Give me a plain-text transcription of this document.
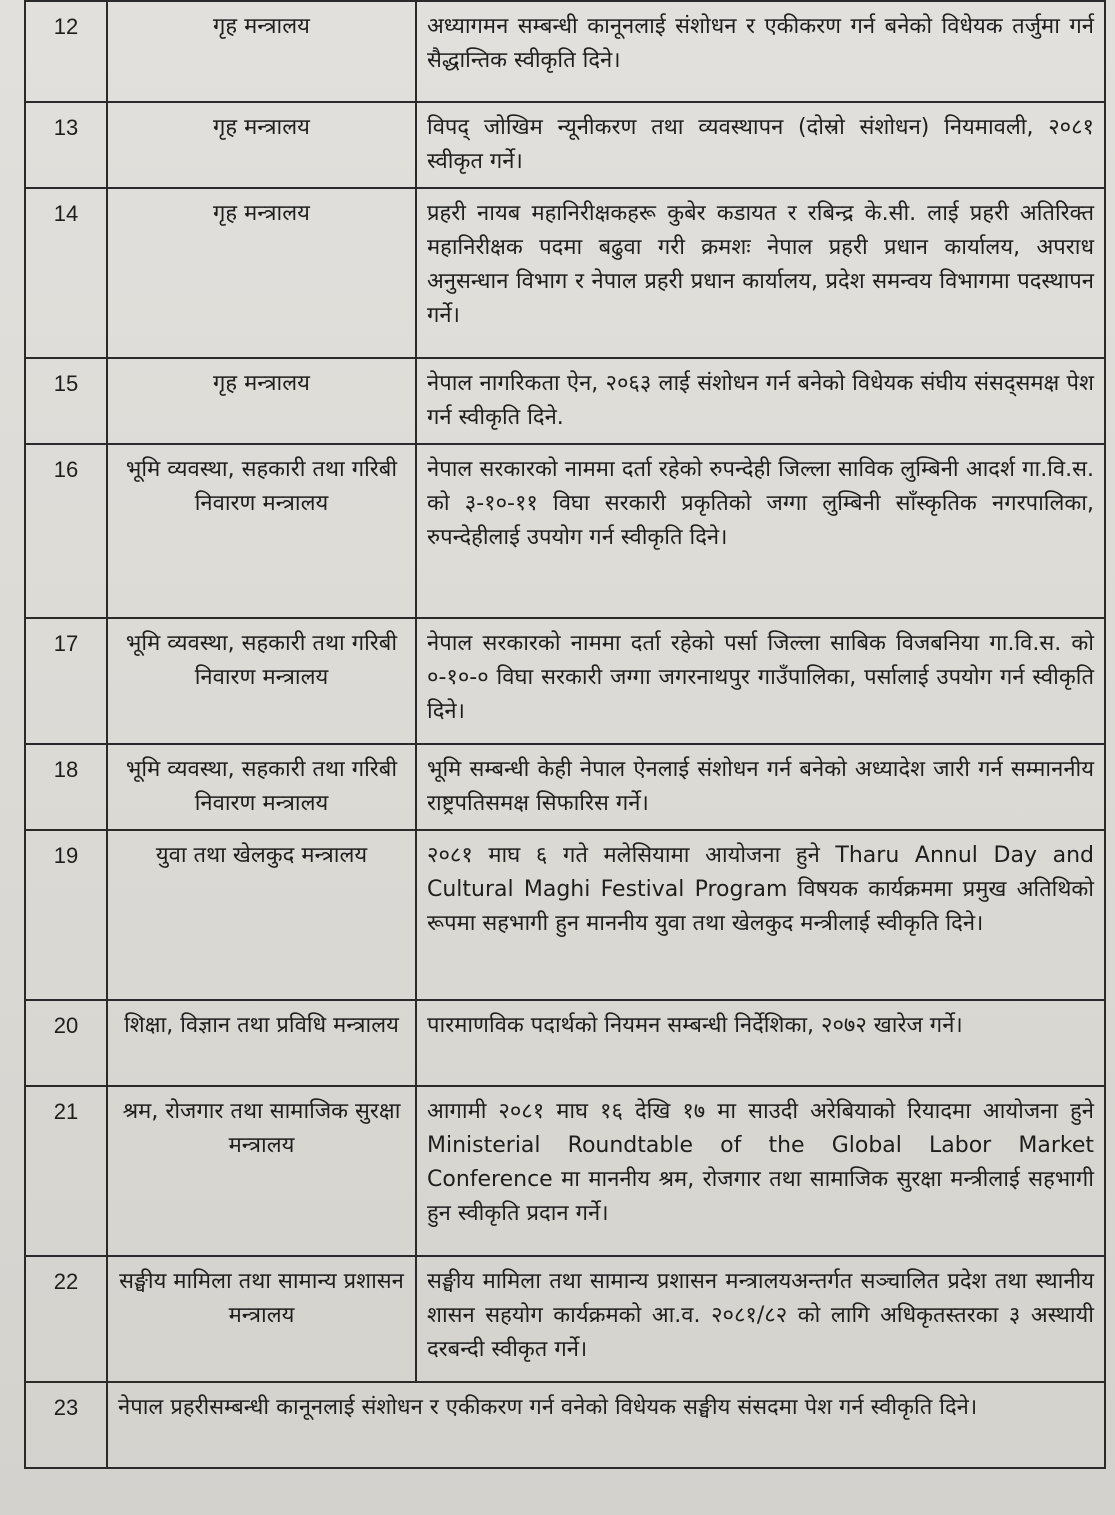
12	गृह मन्त्रालय	अध्यागमन सम्बन्धी कानूनलाई संशोधन र एकीकरण गर्न बनेको विधेयक तर्जुमा गर्न सैद्धान्तिक स्वीकृति दिने।
13	गृह मन्त्रालय	विपद् जोखिम न्यूनीकरण तथा व्यवस्थापन (दोस्रो संशोधन) नियमावली, २०८१ स्वीकृत गर्ने।
14	गृह मन्त्रालय	प्रहरी नायब महानिरीक्षकहरू कुबेर कडायत र रबिन्द्र के.सी. लाई प्रहरी अतिरिक्त महानिरीक्षक पदमा बढुवा गरी क्रमशः नेपाल प्रहरी प्रधान कार्यालय, अपराध अनुसन्धान विभाग र नेपाल प्रहरी प्रधान कार्यालय, प्रदेश समन्वय विभागमा पदस्थापन गर्ने।
15	गृह मन्त्रालय	नेपाल नागरिकता ऐन, २०६३ लाई संशोधन गर्न बनेको विधेयक संघीय संसद्समक्ष पेश गर्न स्वीकृति दिने.
16	भूमि व्यवस्था, सहकारी तथा गरिबी निवारण मन्त्रालय	नेपाल सरकारको नाममा दर्ता रहेको रुपन्देही जिल्ला साविक लुम्बिनी आदर्श गा.वि.स. को ३-१०-११ विघा सरकारी प्रकृतिको जग्गा लुम्बिनी साँस्कृतिक नगरपालिका, रुपन्देहीलाई उपयोग गर्न स्वीकृति दिने।
17	भूमि व्यवस्था, सहकारी तथा गरिबी निवारण मन्त्रालय	नेपाल सरकारको नाममा दर्ता रहेको पर्सा जिल्ला साबिक विजबनिया गा.वि.स. को ०-१०-० विघा सरकारी जग्गा जगरनाथपुर गाउँपालिका, पर्सालाई उपयोग गर्न स्वीकृति दिने।
18	भूमि व्यवस्था, सहकारी तथा गरिबी निवारण मन्त्रालय	भूमि सम्बन्धी केही नेपाल ऐनलाई संशोधन गर्न बनेको अध्यादेश जारी गर्न सम्माननीय राष्ट्रपतिसमक्ष सिफारिस गर्ने।
19	युवा तथा खेलकुद मन्त्रालय	२०८१ माघ ६ गते मलेसियामा आयोजना हुने Tharu Annul Day and Cultural Maghi Festival Program विषयक कार्यक्रममा प्रमुख अतिथिको रूपमा सहभागी हुन माननीय युवा तथा खेलकुद मन्त्रीलाई स्वीकृति दिने।
20	शिक्षा, विज्ञान तथा प्रविधि मन्त्रालय	पारमाणविक पदार्थको नियमन सम्बन्धी निर्देशिका, २०७२ खारेज गर्ने।
21	श्रम, रोजगार तथा सामाजिक सुरक्षा मन्त्रालय	आगामी २०८१ माघ १६ देखि १७ मा साउदी अरेबियाको रियादमा आयोजना हुने Ministerial Roundtable of the Global Labor Market Conference मा माननीय श्रम, रोजगार तथा सामाजिक सुरक्षा मन्त्रीलाई सहभागी हुन स्वीकृति प्रदान गर्ने।
22	सङ्घीय मामिला तथा सामान्य प्रशासन मन्त्रालय	सङ्घीय मामिला तथा सामान्य प्रशासन मन्त्रालयअन्तर्गत सञ्चालित प्रदेश तथा स्थानीय शासन सहयोग कार्यक्रमको आ.व. २०८१/८२ को लागि अधिकृतस्तरका ३ अस्थायी दरबन्दी स्वीकृत गर्ने।
23	नेपाल प्रहरीसम्बन्धी कानूनलाई संशोधन र एकीकरण गर्न वनेको विधेयक सङ्घीय संसदमा पेश गर्न स्वीकृति दिने।	
